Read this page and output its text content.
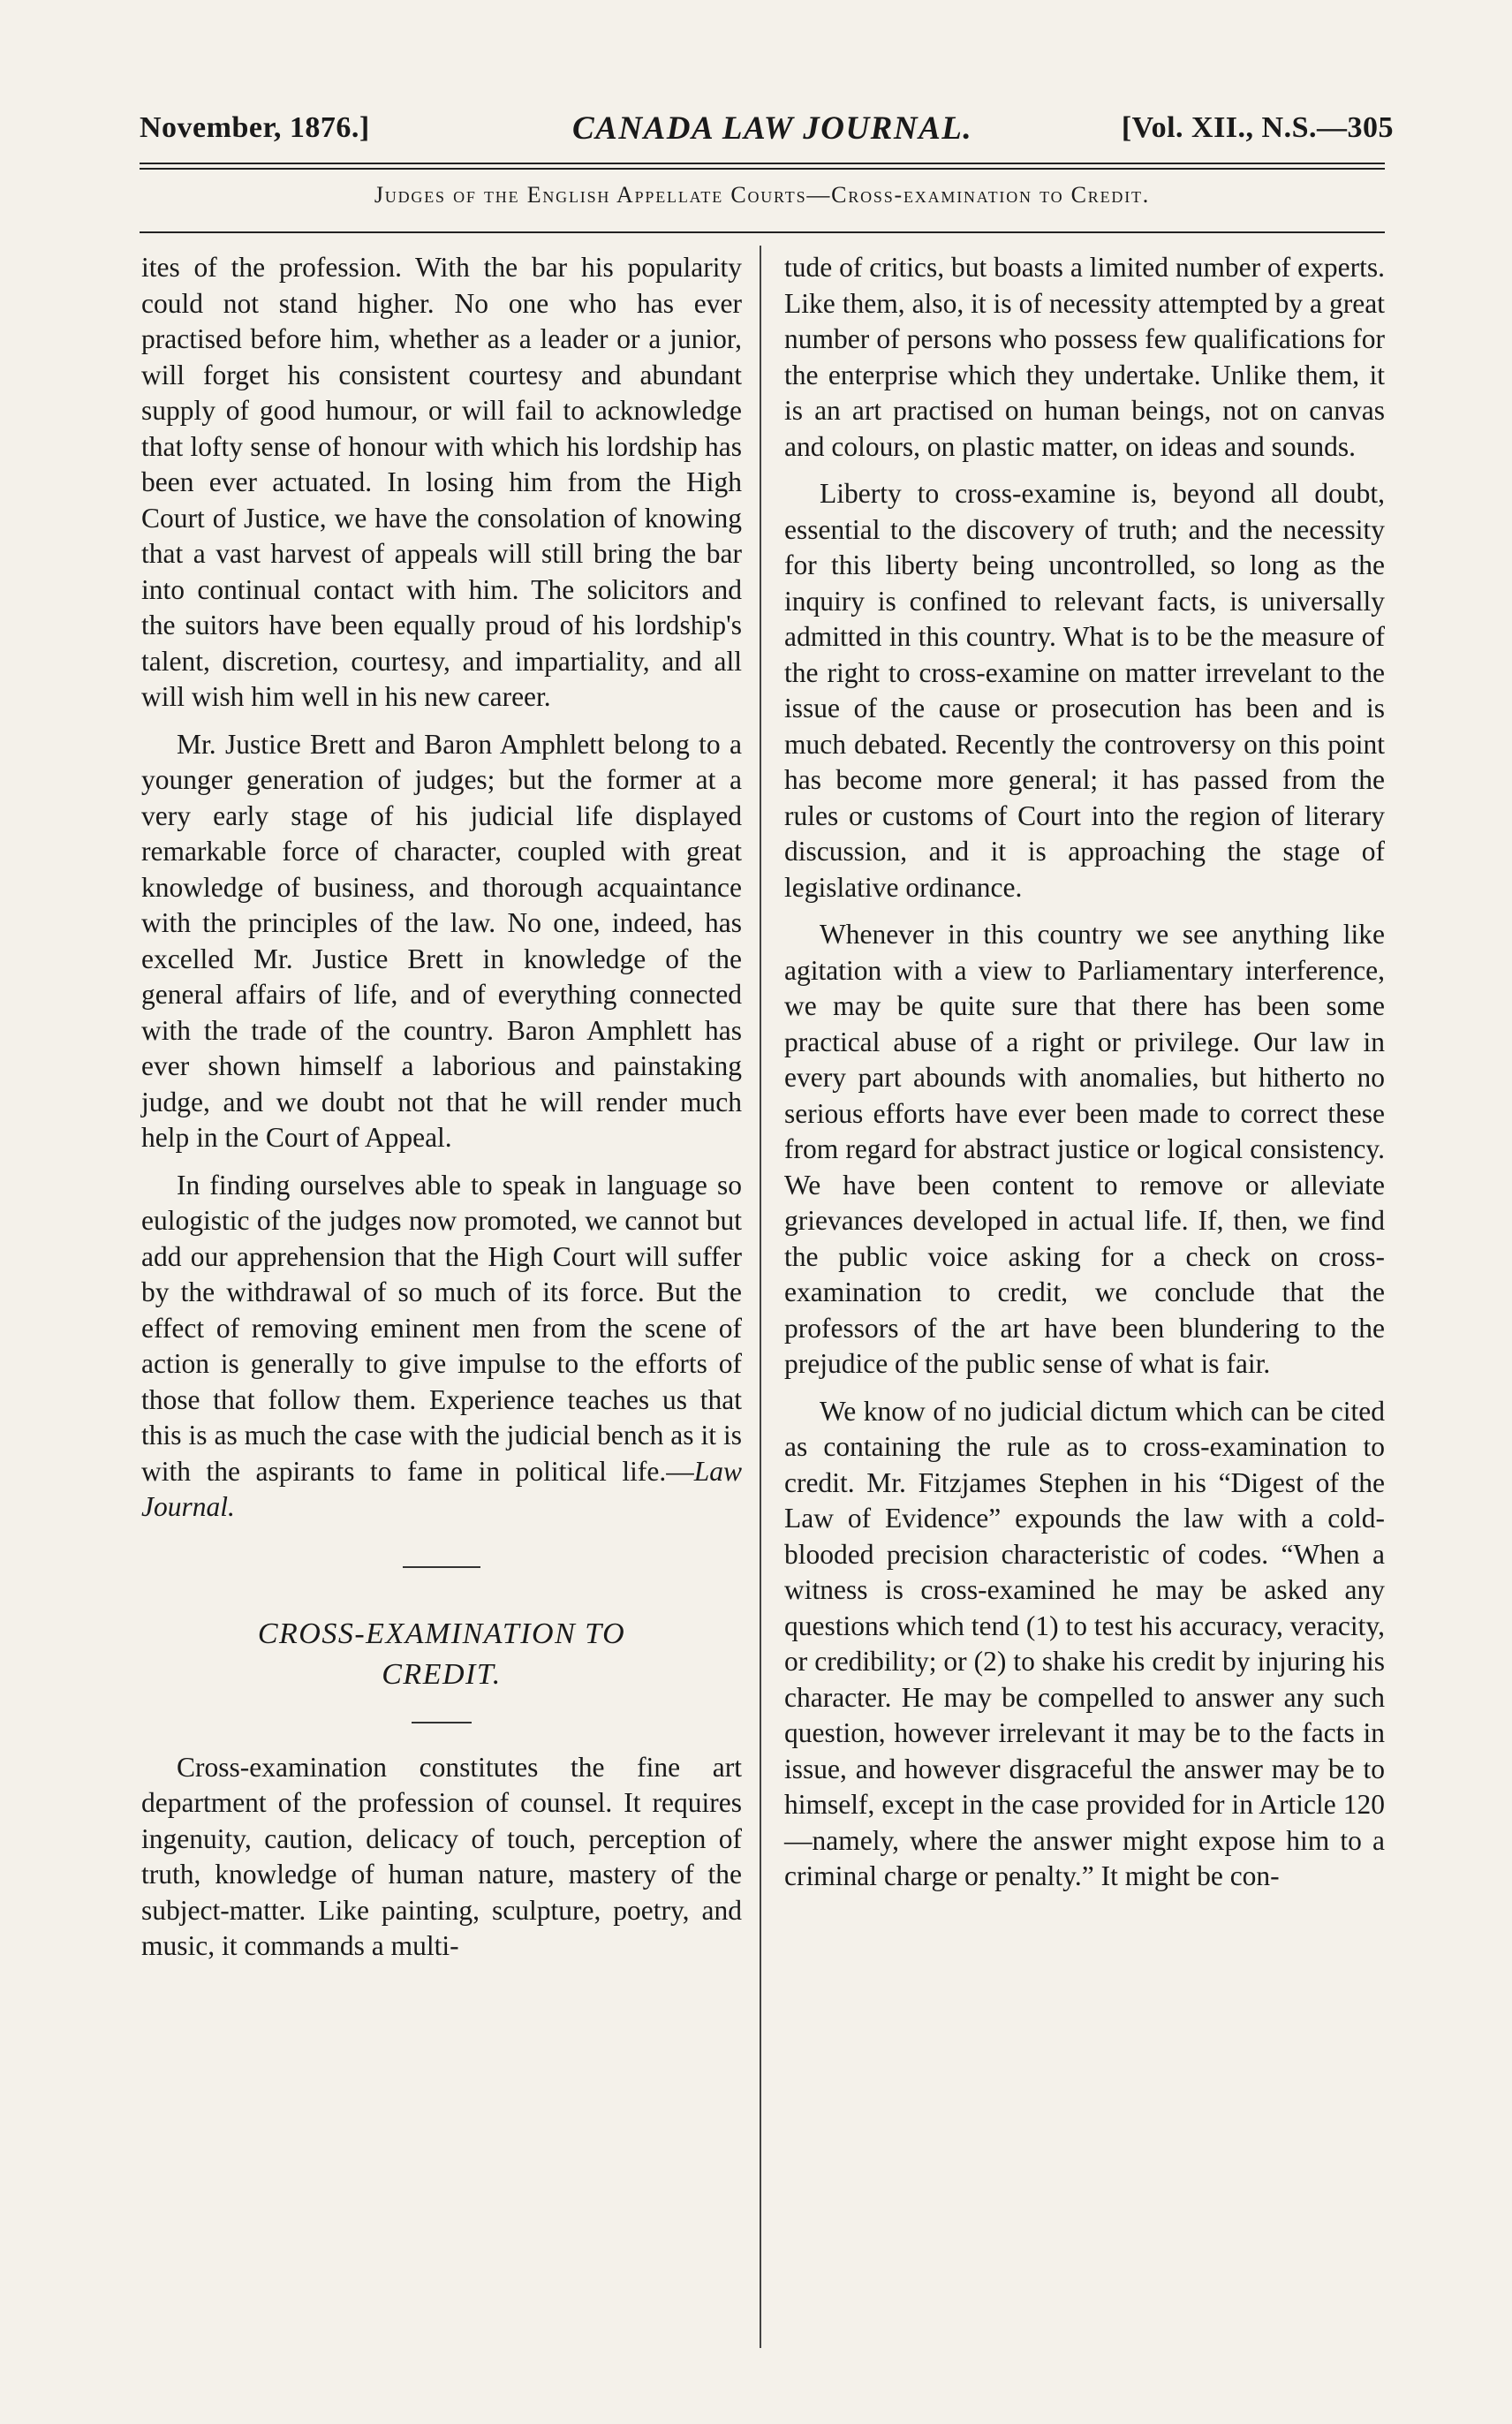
November, 1876.]	CANADA LAW JOURNAL.	[Vol. XII., N.S.—305
Judges of the English Appellate Courts—Cross-examination to Credit.

ites of the profession. With the bar his popularity could not stand higher. No one who has ever practised before him, whether as a leader or a junior, will forget his consistent courtesy and abundant supply of good humour, or will fail to acknowledge that lofty sense of honour with which his lordship has been ever actuated. In losing him from the High Court of Justice, we have the consolation of knowing that a vast harvest of appeals will still bring the bar into continual contact with him. The solicitors and the suitors have been equally proud of his lordship's talent, discretion, courtesy, and impartiality, and all will wish him well in his new career.

Mr. Justice Brett and Baron Amphlett belong to a younger generation of judges; but the former at a very early stage of his judicial life displayed remarkable force of character, coupled with great knowledge of business, and thorough acquaintance with the principles of the law. No one, indeed, has excelled Mr. Justice Brett in knowledge of the general affairs of life, and of everything connected with the trade of the country. Baron Amphlett has ever shown himself a laborious and painstaking judge, and we doubt not that he will render much help in the Court of Appeal.

In finding ourselves able to speak in language so eulogistic of the judges now promoted, we cannot but add our apprehension that the High Court will suffer by the withdrawal of so much of its force. But the effect of removing eminent men from the scene of action is generally to give impulse to the efforts of those that follow them. Experience teaches us that this is as much the case with the judicial bench as it is with the aspirants to fame in political life.—Law Journal.

CROSS-EXAMINATION TO
CREDIT.

Cross-examination constitutes the fine art department of the profession of counsel. It requires ingenuity, caution, delicacy of touch, perception of truth, knowledge of human nature, mastery of the subject-matter. Like painting, sculpture, poetry, and music, it commands a multi-

tude of critics, but boasts a limited number of experts. Like them, also, it is of necessity attempted by a great number of persons who possess few qualifications for the enterprise which they undertake. Unlike them, it is an art practised on human beings, not on canvas and colours, on plastic matter, on ideas and sounds.

Liberty to cross-examine is, beyond all doubt, essential to the discovery of truth; and the necessity for this liberty being uncontrolled, so long as the inquiry is confined to relevant facts, is universally admitted in this country. What is to be the measure of the right to cross-examine on matter irrevelant to the issue of the cause or prosecution has been and is much debated. Recently the controversy on this point has become more general; it has passed from the rules or customs of Court into the region of literary discussion, and it is approaching the stage of legislative ordinance.

Whenever in this country we see anything like agitation with a view to Parliamentary interference, we may be quite sure that there has been some practical abuse of a right or privilege. Our law in every part abounds with anomalies, but hitherto no serious efforts have ever been made to correct these from regard for abstract justice or logical consistency. We have been content to remove or alleviate grievances developed in actual life. If, then, we find the public voice asking for a check on cross-examination to credit, we conclude that the professors of the art have been blundering to the prejudice of the public sense of what is fair.

We know of no judicial dictum which can be cited as containing the rule as to cross-examination to credit. Mr. Fitzjames Stephen in his “Digest of the Law of Evidence” expounds the law with a cold-blooded precision characteristic of codes. “When a witness is cross-examined he may be asked any questions which tend (1) to test his accuracy, veracity, or credibility; or (2) to shake his credit by injuring his character. He may be compelled to answer any such question, however irrelevant it may be to the facts in issue, and however disgraceful the answer may be to himself, except in the case provided for in Article 120—namely, where the answer might expose him to a criminal charge or penalty.” It might be con-
